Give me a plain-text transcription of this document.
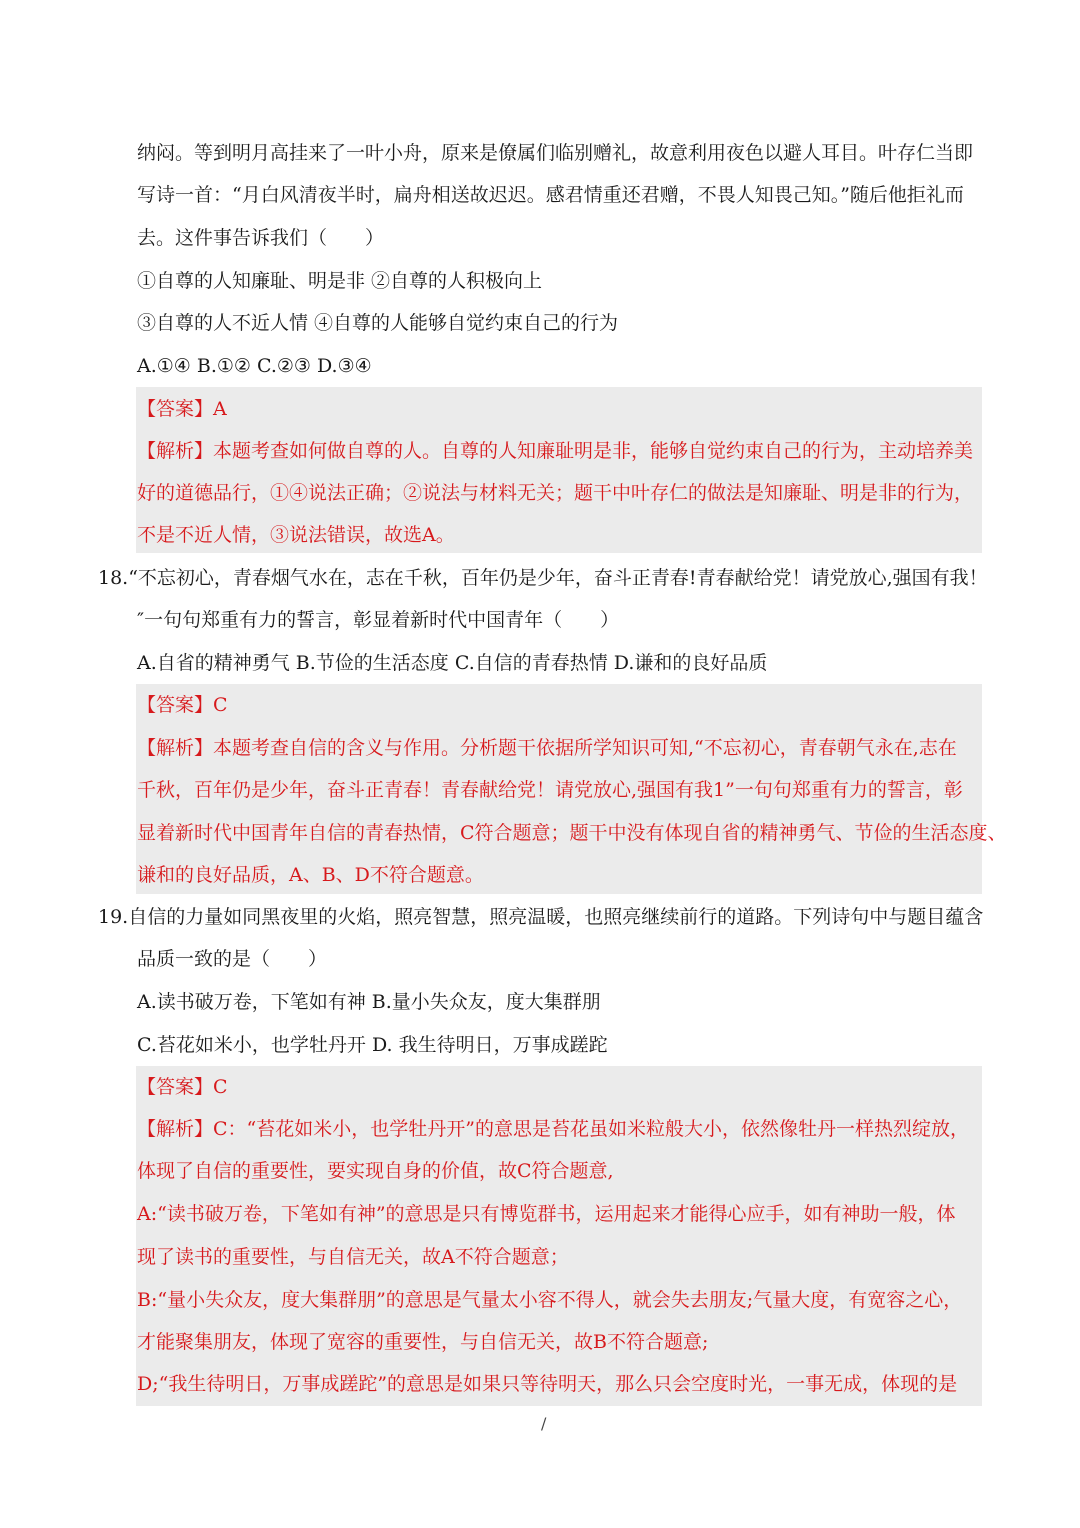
纳闷。等到明月高挂来了一叶小舟，原来是僚属们临别赠礼，故意利用夜色以避人耳目。叶存仁当即
写诗一首：“月白风清夜半时，扁舟相送故迟迟。感君情重还君赠，不畏人知畏己知。”随后他拒礼而
去。这件事告诉我们（　　）
①自尊的人知廉耻、明是非 ②自尊的人积极向上
③自尊的人不近人情 ④自尊的人能够自觉约束自己的行为
A.①④ B.①② C.②③ D.③④
【答案】A
【解析】本题考查如何做自尊的人。自尊的人知廉耻明是非，能够自觉约束自己的行为，主动培养美
好的道德品行，①④说法正确；②说法与材料无关；题干中叶存仁的做法是知廉耻、明是非的行为，
不是不近人情，③说法错误，故选A。
18.“不忘初心，青春烟气水在，志在千秋，百年仍是少年，奋斗正青春!青春献给党！请党放心,强国有我！
″一句句郑重有力的誓言，彰显着新时代中国青年（　　）
A.自省的精神勇气 B.节俭的生活态度 C.自信的青春热情 D.谦和的良好品质
【答案】C
【解析】本题考查自信的含义与作用。分析题干依据所学知识可知,“不忘初心，青春朝气永在,志在
千秋，百年仍是少年，奋斗正青春！青春献给党！请党放心,强国有我1”一句句郑重有力的誓言，彰
显着新时代中国青年自信的青春热情，C符合题意；题干中没有体现自省的精神勇气、节俭的生活态度、
谦和的良好品质，A、B、D不符合题意。
19.自信的力量如同黑夜里的火焰，照亮智慧，照亮温暖，也照亮继续前行的道路。下列诗句中与题目蕴含
品质一致的是（　　）
A.读书破万卷，下笔如有神 B.量小失众友，度大集群朋
C.苔花如米小，也学牡丹开 D. 我生待明日，万事成蹉跎
【答案】C
【解析】C：“苔花如米小，也学牡丹开”的意思是苔花虽如米粒般大小，依然像牡丹一样热烈绽放，
体现了自信的重要性，要实现自身的价值，故C符合题意,
A:“读书破万卷，下笔如有神”的意思是只有博览群书，运用起来才能得心应手，如有神助一般，体
现了读书的重要性，与自信无关，故A不符合题意；
B:“量小失众友，度大集群朋”的意思是气量太小容不得人，就会失去朋友;气量大度，有宽容之心，
才能聚集朋友，体现了宽容的重要性，与自信无关，故B不符合题意;
D;“我生待明日，万事成蹉跎”的意思是如果只等待明天，那么只会空度时光，一事无成，体现的是
/
